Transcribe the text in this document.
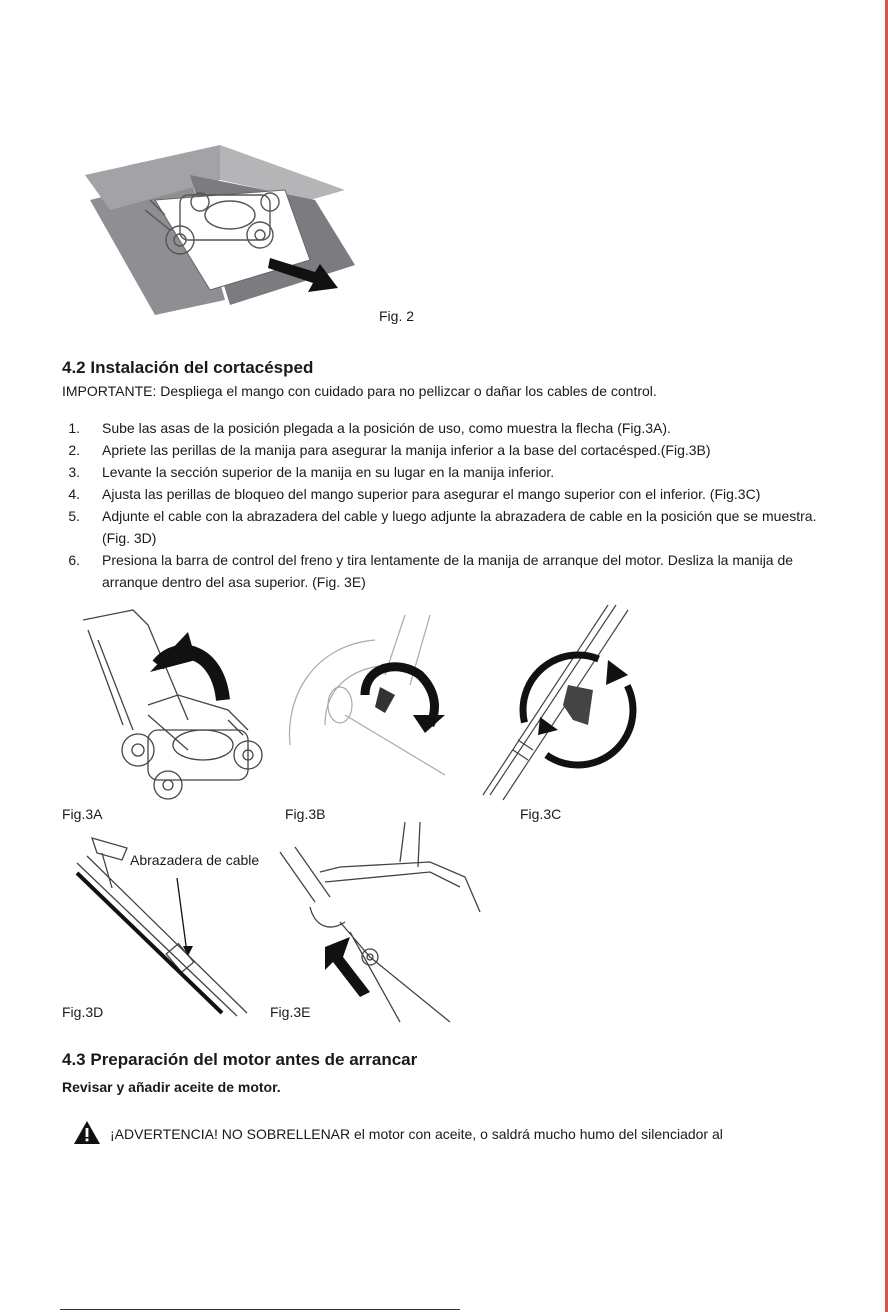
Fig. 2
4.2 Instalación del cortacésped
IMPORTANTE: Despliega el mango con cuidado para no pellizcar o dañar los cables de control.
1. Sube las asas de la posición plegada a la posición de uso, como muestra la flecha (Fig.3A).
2. Apriete las perillas de la manija para asegurar la manija inferior a la base del cortacésped.(Fig.3B)
3. Levante la sección superior de la manija en su lugar en la manija inferior.
4. Ajusta las perillas de bloqueo del mango superior para asegurar el mango superior con el inferior. (Fig.3C)
5. Adjunte el cable con la abrazadera del cable y luego adjunte la abrazadera de cable en la posición que se muestra. (Fig. 3D)
6. Presiona la barra de control del freno y tira lentamente de la manija de arranque del motor. Desliza la manija de arranque dentro del asa superior. (Fig. 3E)
Fig.3A	Fig.3B	Fig.3C
Abrazadera de cable
Fig.3D	Fig.3E
4.3 Preparación del motor antes de arrancar
Revisar y añadir aceite de motor.
¡ADVERTENCIA! NO SOBRELLENAR el motor con aceite, o saldrá mucho humo del silenciador al
